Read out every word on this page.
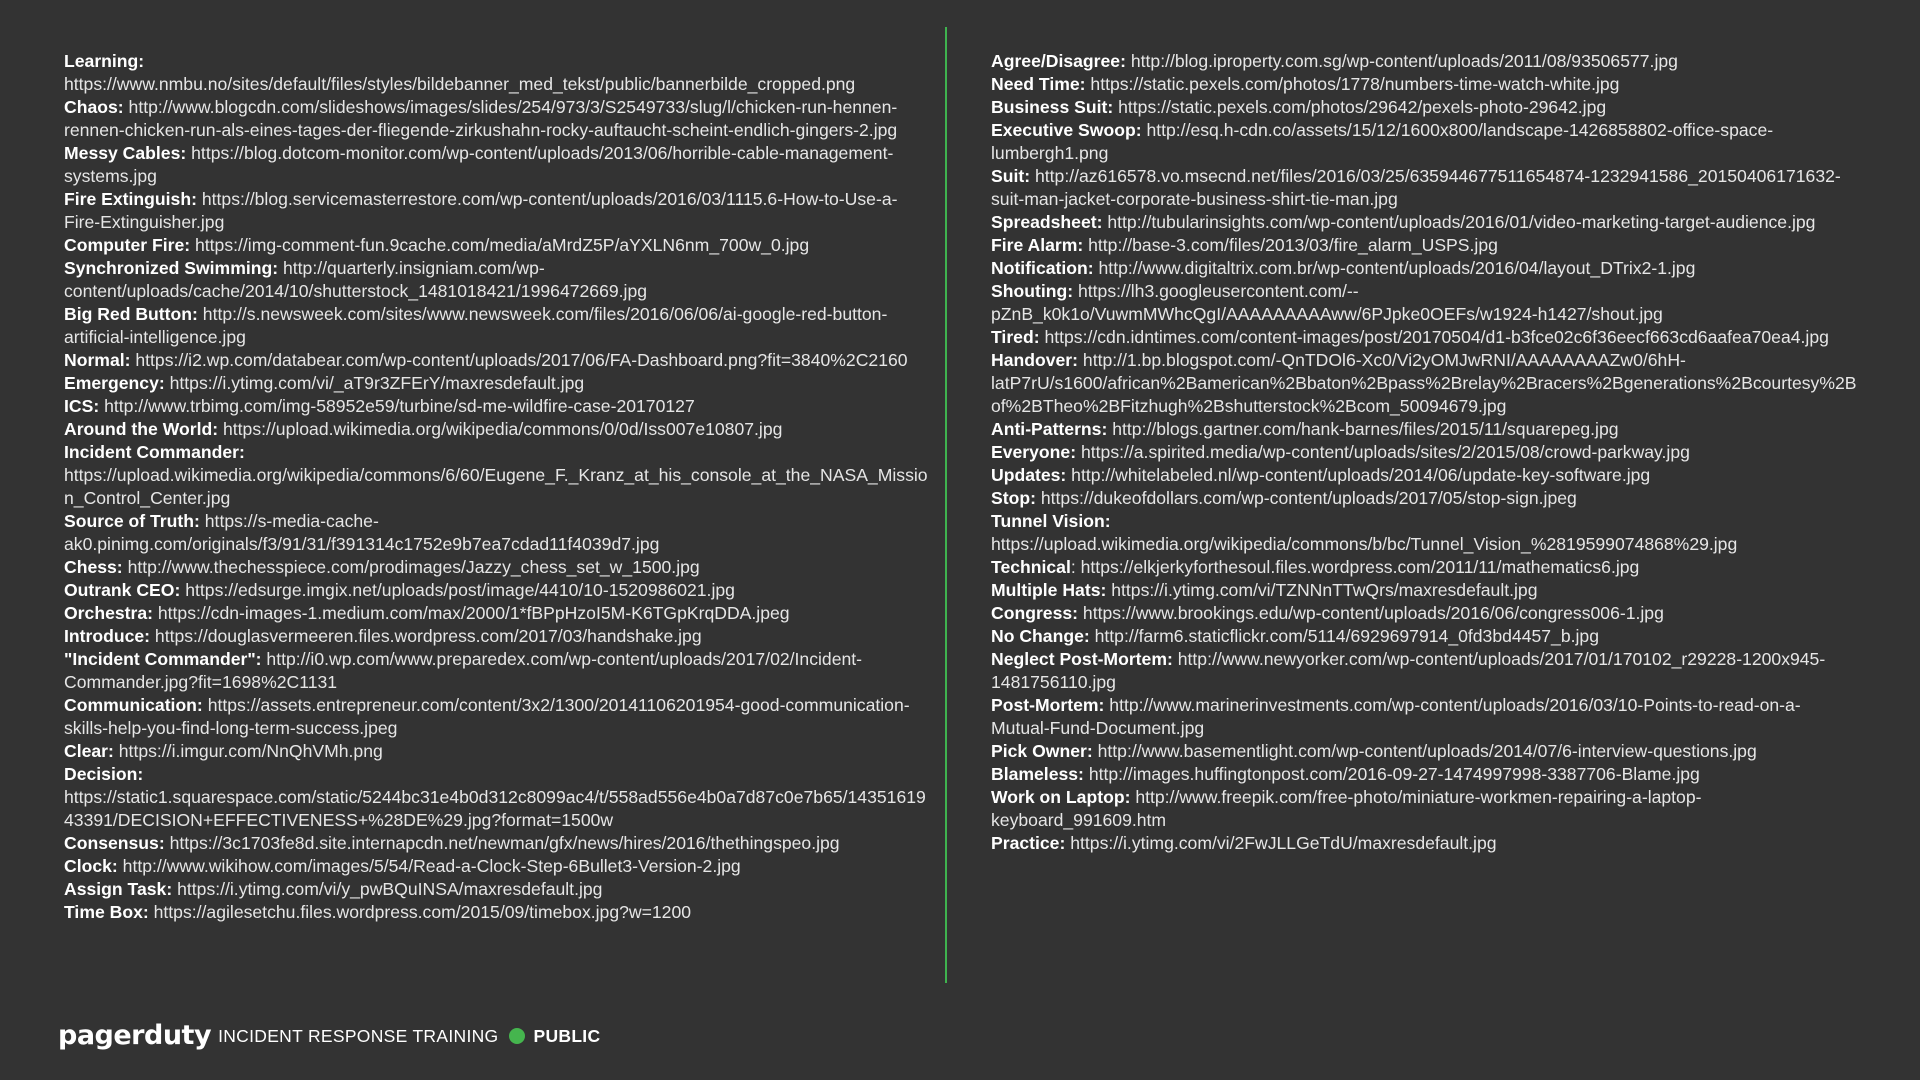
Learning: https://www.nmbu.no/sites/default/files/styles/bildebanner_med_tekst/public/bannerbilde_cropped.png

Chaos: http://www.blogcdn.com/slideshows/images/slides/254/973/3/S2549733/slug/l/chicken-run-hennen-rennen-chicken-run-als-eines-tages-der-fliegende-zirkushahn-rocky-auftaucht-scheint-endlich-gingers-2.jpg

Messy Cables: https://blog.dotcom-monitor.com/wp-content/uploads/2013/06/horrible-cable-management-systems.jpg

Fire Extinguish: https://blog.servicemasterrestore.com/wp-content/uploads/2016/03/1115.6-How-to-Use-a-Fire-Extinguisher.jpg

Computer Fire: https://img-comment-fun.9cache.com/media/aMrdZ5P/aYXLN6nm_700w_0.jpg

Synchronized Swimming: http://quarterly.insigniam.com/wp-content/uploads/cache/2014/10/shutterstock_1481018421/1996472669.jpg

Big Red Button: http://s.newsweek.com/sites/www.newsweek.com/files/2016/06/06/ai-google-red-button-artificial-intelligence.jpg

Normal: https://i2.wp.com/databear.com/wp-content/uploads/2017/06/FA-Dashboard.png?fit=3840%2C2160

Emergency: https://i.ytimg.com/vi/_aT9r3ZFErY/maxresdefault.jpg

ICS: http://www.trbimg.com/img-58952e59/turbine/sd-me-wildfire-case-20170127

Around the World: https://upload.wikimedia.org/wikipedia/commons/0/0d/Iss007e10807.jpg

Incident Commander: https://upload.wikimedia.org/wikipedia/commons/6/60/Eugene_F._Kranz_at_his_console_at_the_NASA_Mission_Control_Center.jpg

Source of Truth: https://s-media-cache-ak0.pinimg.com/originals/f3/91/31/f391314c1752e9b7ea7cdad11f4039d7.jpg

Chess: http://www.thechesspiece.com/prodimages/Jazzy_chess_set_w_1500.jpg

Outrank CEO: https://edsurge.imgix.net/uploads/post/image/4410/10-1520986021.jpg

Orchestra: https://cdn-images-1.medium.com/max/2000/1*fBPpHzoI5M-K6TGpKrqDDA.jpeg

Introduce: https://douglasvermeeren.files.wordpress.com/2017/03/handshake.jpg

"Incident Commander": http://i0.wp.com/www.preparedex.com/wp-content/uploads/2017/02/Incident-Commander.jpg?fit=1698%2C1131

Communication: https://assets.entrepreneur.com/content/3x2/1300/20141106201954-good-communication-skills-help-you-find-long-term-success.jpeg

Clear: https://i.imgur.com/NnQhVMh.png

Decision: https://static1.squarespace.com/static/5244bc31e4b0d312c8099ac4/t/558ad556e4b0a7d87c0e7b65/1435161943391/DECISION+EFFECTIVENESS+%28DE%29.jpg?format=1500w

Consensus: https://3c1703fe8d.site.internapcdn.net/newman/gfx/news/hires/2016/thethingspeo.jpg

Clock: http://www.wikihow.com/images/5/54/Read-a-Clock-Step-6Bullet3-Version-2.jpg

Assign Task: https://i.ytimg.com/vi/y_pwBQuINSA/maxresdefault.jpg

Time Box: https://agilesetchu.files.wordpress.com/2015/09/timebox.jpg?w=1200

Agree/Disagree: http://blog.iproperty.com.sg/wp-content/uploads/2011/08/93506577.jpg

Need Time: https://static.pexels.com/photos/1778/numbers-time-watch-white.jpg

Business Suit: https://static.pexels.com/photos/29642/pexels-photo-29642.jpg

Executive Swoop: http://esq.h-cdn.co/assets/15/12/1600x800/landscape-1426858802-office-space-lumbergh1.png

Suit: http://az616578.vo.msecnd.net/files/2016/03/25/635944677511654874-1232941586_20150406171632-suit-man-jacket-corporate-business-shirt-tie-man.jpg

Spreadsheet: http://tubularinsights.com/wp-content/uploads/2016/01/video-marketing-target-audience.jpg

Fire Alarm: http://base-3.com/files/2013/03/fire_alarm_USPS.jpg

Notification: http://www.digitaltrix.com.br/wp-content/uploads/2016/04/layout_DTrix2-1.jpg

Shouting: https://lh3.googleusercontent.com/--pZnB_k0k1o/VuwmMWhcQgI/AAAAAAAAAww/6PJpke0OEFs/w1924-h1427/shout.jpg

Tired: https://cdn.idntimes.com/content-images/post/20170504/d1-b3fce02c6f36eecf663cd6aafea70ea4.jpg

Handover: http://1.bp.blogspot.com/-QnTDOl6-Xc0/Vi2yOMJwRNI/AAAAAAAAZw0/6hH-latP7rU/s1600/african%2Bamerican%2Bbaton%2Bpass%2Brelay%2Bracers%2Bgenerations%2Bcourtesy%2Bof%2BTheo%2BFitzhugh%2Bshutterstock%2Bcom_50094679.jpg

Anti-Patterns: http://blogs.gartner.com/hank-barnes/files/2015/11/squarepeg.jpg

Everyone: https://a.spirited.media/wp-content/uploads/sites/2/2015/08/crowd-parkway.jpg

Updates: http://whitelabeled.nl/wp-content/uploads/2014/06/update-key-software.jpg

Stop: https://dukeofdollars.com/wp-content/uploads/2017/05/stop-sign.jpeg

Tunnel Vision: https://upload.wikimedia.org/wikipedia/commons/b/bc/Tunnel_Vision_%2819599074868%29.jpg

Technical: https://elkjerkyforthesoul.files.wordpress.com/2011/11/mathematics6.jpg

Multiple Hats: https://i.ytimg.com/vi/TZNNnTTwQrs/maxresdefault.jpg

Congress: https://www.brookings.edu/wp-content/uploads/2016/06/congress006-1.jpg

No Change: http://farm6.staticflickr.com/5114/6929697914_0fd3bd4457_b.jpg

Neglect Post-Mortem: http://www.newyorker.com/wp-content/uploads/2017/01/170102_r29228-1200x945-1481756110.jpg

Post-Mortem: http://www.marinerinvestments.com/wp-content/uploads/2016/03/10-Points-to-read-on-a-Mutual-Fund-Document.jpg

Pick Owner: http://www.basementlight.com/wp-content/uploads/2014/07/6-interview-questions.jpg

Blameless: http://images.huffingtonpost.com/2016-09-27-1474997998-3387706-Blame.jpg

Work on Laptop: http://www.freepik.com/free-photo/miniature-workmen-repairing-a-laptop-keyboard_991609.htm

Practice: https://i.ytimg.com/vi/2FwJLLGeTdU/maxresdefault.jpg

pagerduty INCIDENT RESPONSE TRAINING PUBLIC
